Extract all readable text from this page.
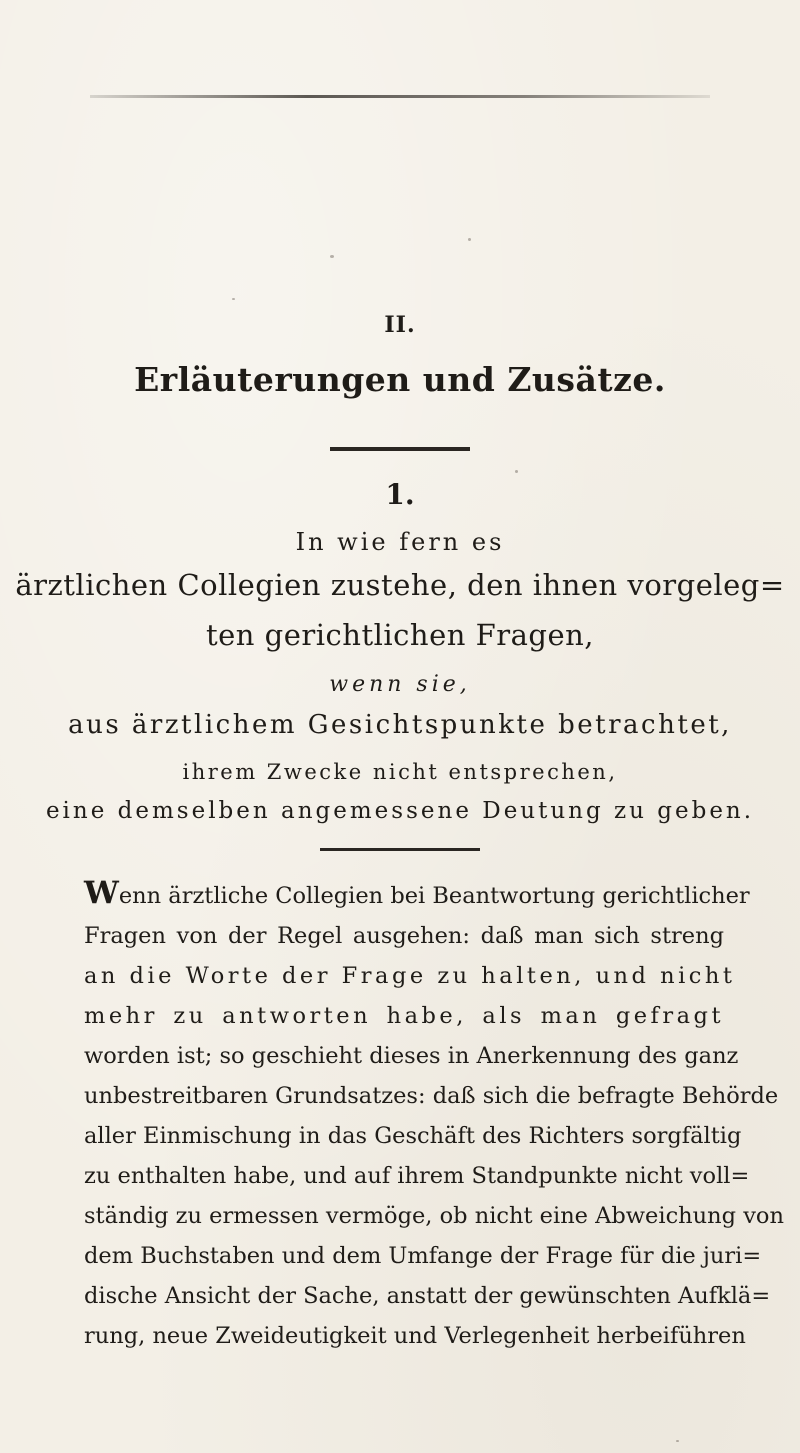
II.
Erläuterungen und Zusätze.
1.
In wie fern es
ärztlichen Collegien zustehe, den ihnen vorgeleg=
ten gerichtlichen Fragen,
wenn sie,
aus ärztlichem Gesichtspunkte betrachtet,
ihrem Zwecke nicht entsprechen,
eine demselben angemessene Deutung zu geben.
Wenn ärztliche Collegien bei Beantwortung gerichtlicher
Fragen von der Regel ausgehen: daß man sich streng
an die Worte der Frage zu halten, und nicht
mehr zu antworten habe, als man gefragt
worden ist; so geschieht dieses in Anerkennung des ganz
unbestreitbaren Grundsatzes: daß sich die befragte Behörde
aller Einmischung in das Geschäft des Richters sorgfältig
zu enthalten habe, und auf ihrem Standpunkte nicht voll=
ständig zu ermessen vermöge, ob nicht eine Abweichung von
dem Buchstaben und dem Umfange der Frage für die juri=
dische Ansicht der Sache, anstatt der gewünschten Aufklä=
rung, neue Zweideutigkeit und Verlegenheit herbeiführen
